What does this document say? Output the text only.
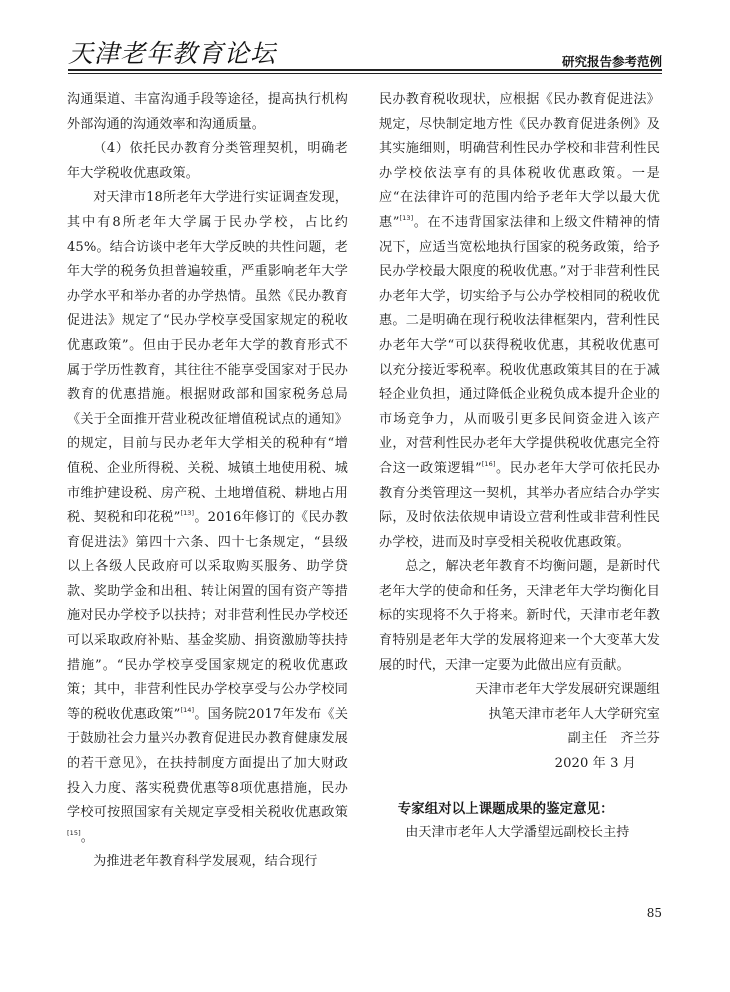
天津老年教育论坛	研究报告参考范例

沟通渠道、丰富沟通手段等途径，提高执行机构外部沟通的沟通效率和沟通质量。

（4）依托民办教育分类管理契机，明确老年大学税收优惠政策。

对天津市18所老年大学进行实证调查发现，其中有8所老年大学属于民办学校，占比约45%。结合访谈中老年大学反映的共性问题，老年大学的税务负担普遍较重，严重影响老年大学办学水平和举办者的办学热情。虽然《民办教育促进法》规定了“民办学校享受国家规定的税收优惠政策”。但由于民办老年大学的教育形式不属于学历性教育，其往往不能享受国家对于民办教育的优惠措施。根据财政部和国家税务总局《关于全面推开营业税改征增值税试点的通知》的规定，目前与民办老年大学相关的税种有“增值税、企业所得税、关税、城镇土地使用税、城市维护建设税、房产税、土地增值税、耕地占用税、契税和印花税”[13]。2016年修订的《民办教育促进法》第四十六条、四十七条规定，“县级以上各级人民政府可以采取购买服务、助学贷款、奖助学金和出租、转让闲置的国有资产等措施对民办学校予以扶持；对非营利性民办学校还可以采取政府补贴、基金奖励、捐资激励等扶持措施”。“民办学校享受国家规定的税收优惠政策；其中，非营利性民办学校享受与公办学校同等的税收优惠政策”[14]。国务院2017年发布《关于鼓励社会力量兴办教育促进民办教育健康发展的若干意见》，在扶持制度方面提出了加大财政投入力度、落实税费优惠等8项优惠措施，民办学校可按照国家有关规定享受相关税收优惠政策[15]。

为推进老年教育科学发展观，结合现行

民办教育税收现状，应根据《民办教育促进法》规定，尽快制定地方性《民办教育促进条例》及其实施细则，明确营利性民办学校和非营利性民办学校依法享有的具体税收优惠政策。一是应“在法律许可的范围内给予老年大学以最大优惠”[13]。在不违背国家法律和上级文件精神的情况下，应适当宽松地执行国家的税务政策，给予民办学校最大限度的税收优惠。”对于非营利性民办老年大学，切实给予与公办学校相同的税收优惠。二是明确在现行税收法律框架内，营利性民办老年大学“可以获得税收优惠，其税收优惠可以充分接近零税率。税收优惠政策其目的在于减轻企业负担，通过降低企业税负成本提升企业的市场竞争力，从而吸引更多民间资金进入该产业，对营利性民办老年大学提供税收优惠完全符合这一政策逻辑”[16]。民办老年大学可依托民办教育分类管理这一契机，其举办者应结合办学实际，及时依法依规申请设立营利性或非营利性民办学校，进而及时享受相关税收优惠政策。

总之，解决老年教育不均衡问题，是新时代老年大学的使命和任务，天津老年大学均衡化目标的实现将不久于将来。新时代，天津市老年教育特别是老年大学的发展将迎来一个大变革大发展的时代，天津一定要为此做出应有贡献。

天津市老年大学发展研究课题组

执笔天津市老年人大学研究室

副主任　齐兰芬

2020 年 3 月

专家组对以上课题成果的鉴定意见：

由天津市老年人大学潘望远副校长主持

85
